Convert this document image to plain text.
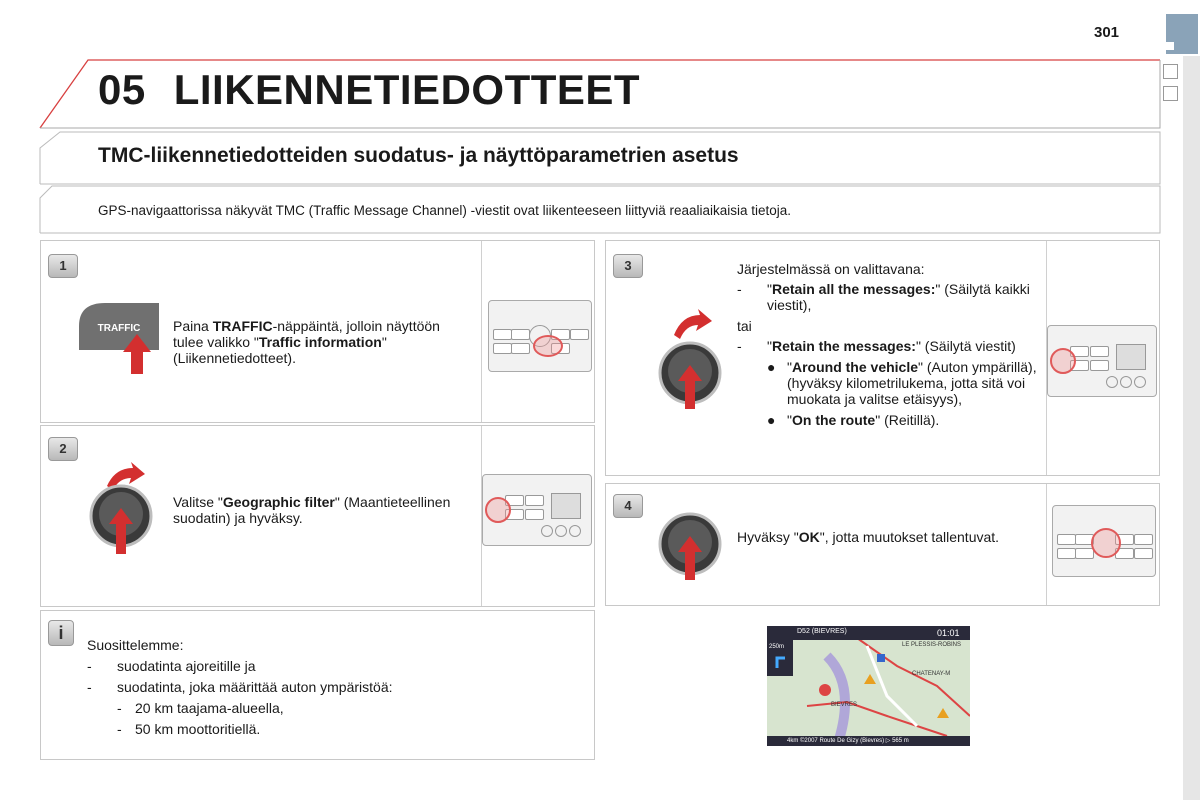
301
05 LIIKENNETIEDOTTEET
TMC-liikennetiedotteiden suodatus- ja näyttöparametrien asetus
GPS-navigaattorissa näkyvät TMC (Traffic Message Channel) -viestit ovat liikenteeseen liittyviä reaaliaikaisia tietoja.
1
TRAFFIC Paina TRAFFIC-näppäintä, jolloin näyttöön tulee valikko "Traffic information" (Liikennetiedotteet).
2
Valitse "Geographic filter" (Maantieteellinen suodatin) ja hyväksy.
3	Järjestelmässä on valittavana:
- "Retain all the messages:" (Säilytä kaikki viestit),
tai
- "Retain the messages:" (Säilytä viestit)
● "Around the vehicle" (Auton ympärillä), (hyväksy kilometrilukema, jotta sitä voi muokata ja valitse etäisyys),
● "On the route" (Reitillä).
4
Hyväksy "OK", jotta muutokset tallentuvat.
i
Suosittelemme:
- suodatinta ajoreitille ja
- suodatinta, joka määrittää auton ympäristöä:
- 20 km taajama-alueella,
- 50 km moottoritiellä.
D52 (BIEVRES)	01:01
250m	LE PLESSIS-ROBINS
CHATENAY-M
BIEVRES
4km ©2007 Route De Gizy (Bievres) ▷ 565 m
